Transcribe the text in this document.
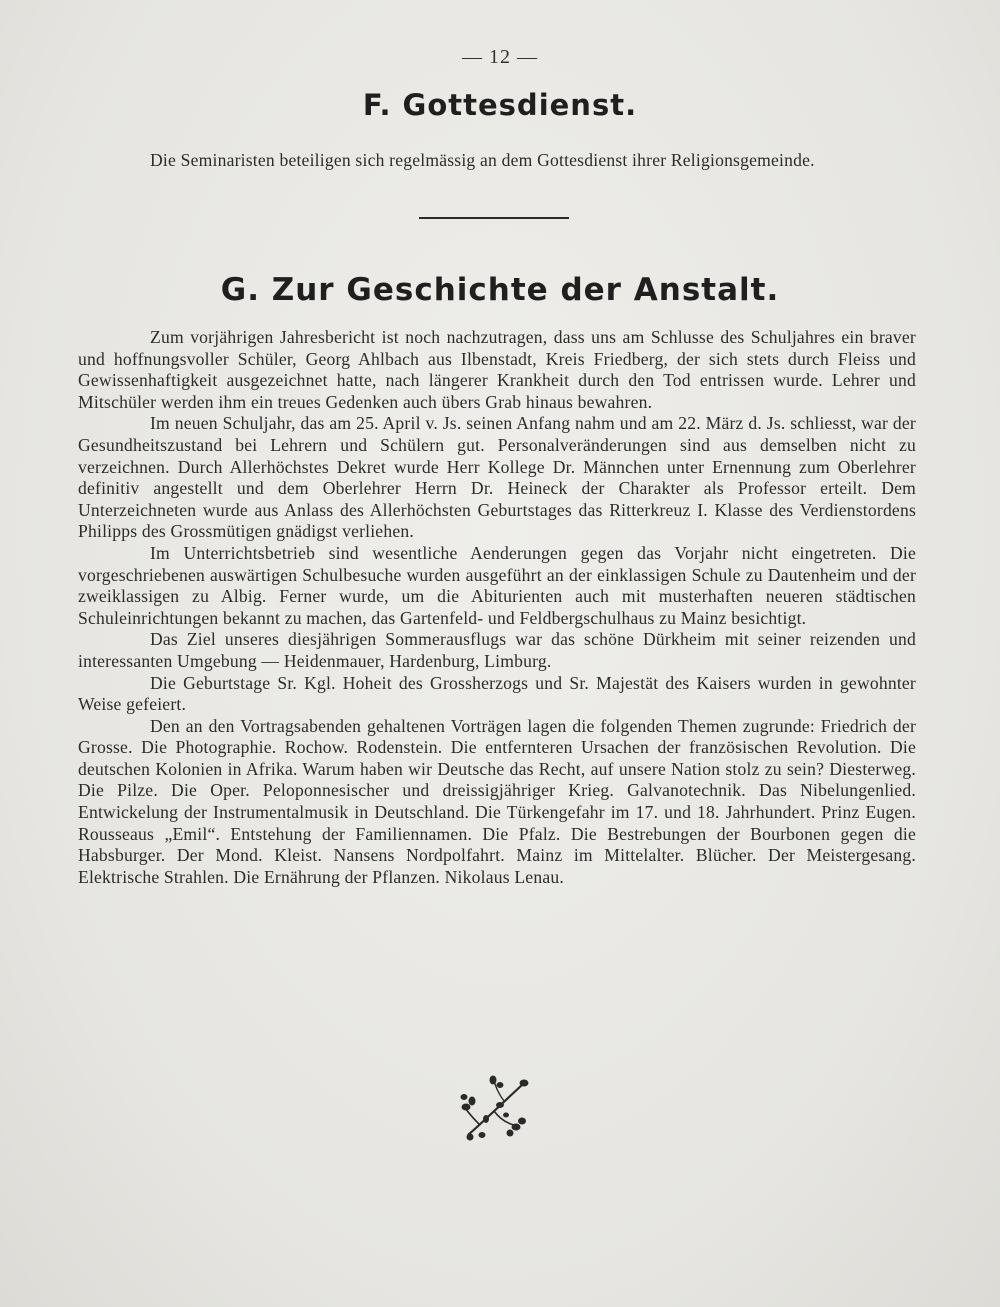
— 12 —
F. Gottesdienst.

Die Seminaristen beteiligen sich regelmässig an dem Gottesdienst ihrer Religionsgemeinde.

G. Zur Geschichte der Anstalt.

Zum vorjährigen Jahresbericht ist noch nachzutragen, dass uns am Schlusse des Schuljahres ein braver und hoffnungsvoller Schüler, Georg Ahlbach aus Ilbenstadt, Kreis Friedberg, der sich stets durch Fleiss und Gewissenhaftigkeit ausgezeichnet hatte, nach längerer Krankheit durch den Tod entrissen wurde. Lehrer und Mitschüler werden ihm ein treues Gedenken auch übers Grab hinaus bewahren.

Im neuen Schuljahr, das am 25. April v. Js. seinen Anfang nahm und am 22. März d. Js. schliesst, war der Gesundheitszustand bei Lehrern und Schülern gut. Personalveränderungen sind aus demselben nicht zu verzeichnen. Durch Allerhöchstes Dekret wurde Herr Kollege Dr. Männchen unter Ernennung zum Oberlehrer definitiv angestellt und dem Oberlehrer Herrn Dr. Heineck der Charakter als Professor erteilt. Dem Unterzeichneten wurde aus Anlass des Allerhöchsten Geburtstages das Ritterkreuz I. Klasse des Verdienstordens Philipps des Grossmütigen gnädigst verliehen.

Im Unterrichtsbetrieb sind wesentliche Aenderungen gegen das Vorjahr nicht eingetreten. Die vorgeschriebenen auswärtigen Schulbesuche wurden ausgeführt an der einklassigen Schule zu Dautenheim und der zweiklassigen zu Albig. Ferner wurde, um die Abiturienten auch mit musterhaften neueren städtischen Schuleinrichtungen bekannt zu machen, das Gartenfeld- und Feldbergschulhaus zu Mainz besichtigt.

Das Ziel unseres diesjährigen Sommerausflugs war das schöne Dürkheim mit seiner reizenden und interessanten Umgebung — Heidenmauer, Hardenburg, Limburg.

Die Geburtstage Sr. Kgl. Hoheit des Grossherzogs und Sr. Majestät des Kaisers wurden in gewohnter Weise gefeiert.

Den an den Vortragsabenden gehaltenen Vorträgen lagen die folgenden Themen zugrunde: Friedrich der Grosse. Die Photographie. Rochow. Rodenstein. Die entfernteren Ursachen der französischen Revolution. Die deutschen Kolonien in Afrika. Warum haben wir Deutsche das Recht, auf unsere Nation stolz zu sein? Diesterweg. Die Pilze. Die Oper. Peloponnesischer und dreissigjähriger Krieg. Galvanotechnik. Das Nibelungenlied. Entwickelung der Instrumentalmusik in Deutschland. Die Türkengefahr im 17. und 18. Jahrhundert. Prinz Eugen. Rousseaus „Emil“. Entstehung der Familiennamen. Die Pfalz. Die Bestrebungen der Bourbonen gegen die Habsburger. Der Mond. Kleist. Nansens Nordpolfahrt. Mainz im Mittelalter. Blücher. Der Meistergesang. Elektrische Strahlen. Die Ernährung der Pflanzen. Nikolaus Lenau.
